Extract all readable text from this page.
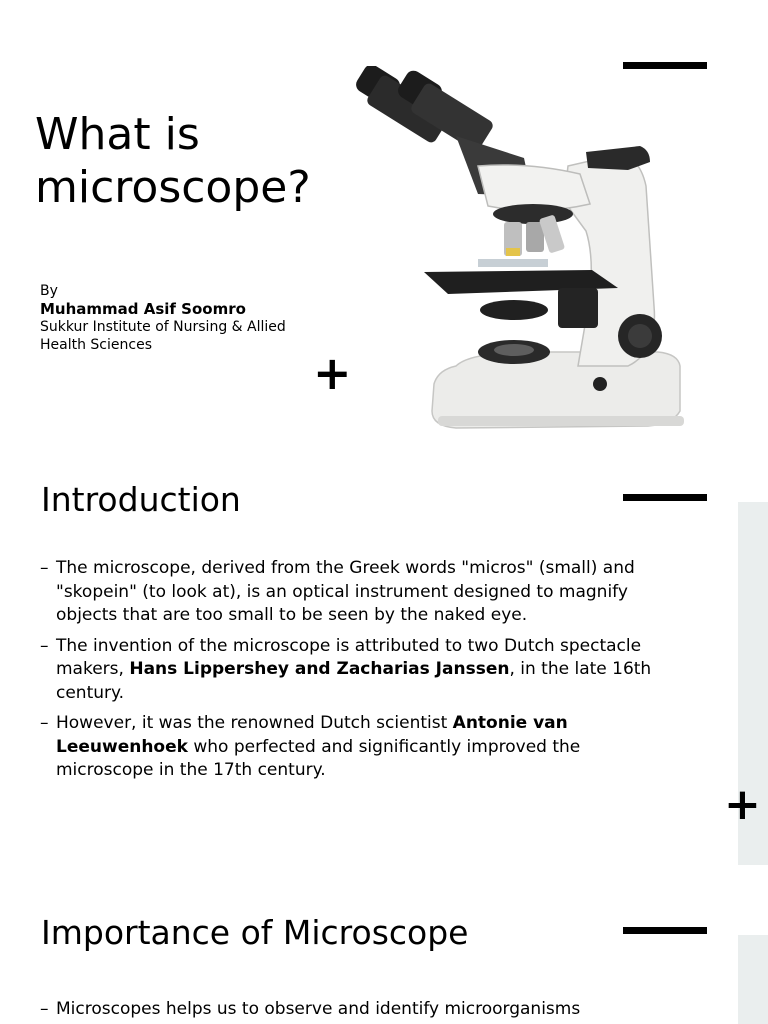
What is
microscope?
By
Muhammad Asif Soomro
Sukkur Institute of Nursing & Allied
Health Sciences
+
Introduction
– The microscope, derived from the Greek words "micros" (small) and "skopein" (to look at), is an optical instrument designed to magnify objects that are too small to be seen by the naked eye.
– The invention of the microscope is attributed to two Dutch spectacle makers, Hans Lippershey and Zacharias Janssen, in the late 16th century.
– However, it was the renowned Dutch scientist Antonie van Leeuwenhoek who perfected and significantly improved the microscope in the 17th century.
+
Importance of Microscope
– Microscopes helps us to observe and identify microorganisms
